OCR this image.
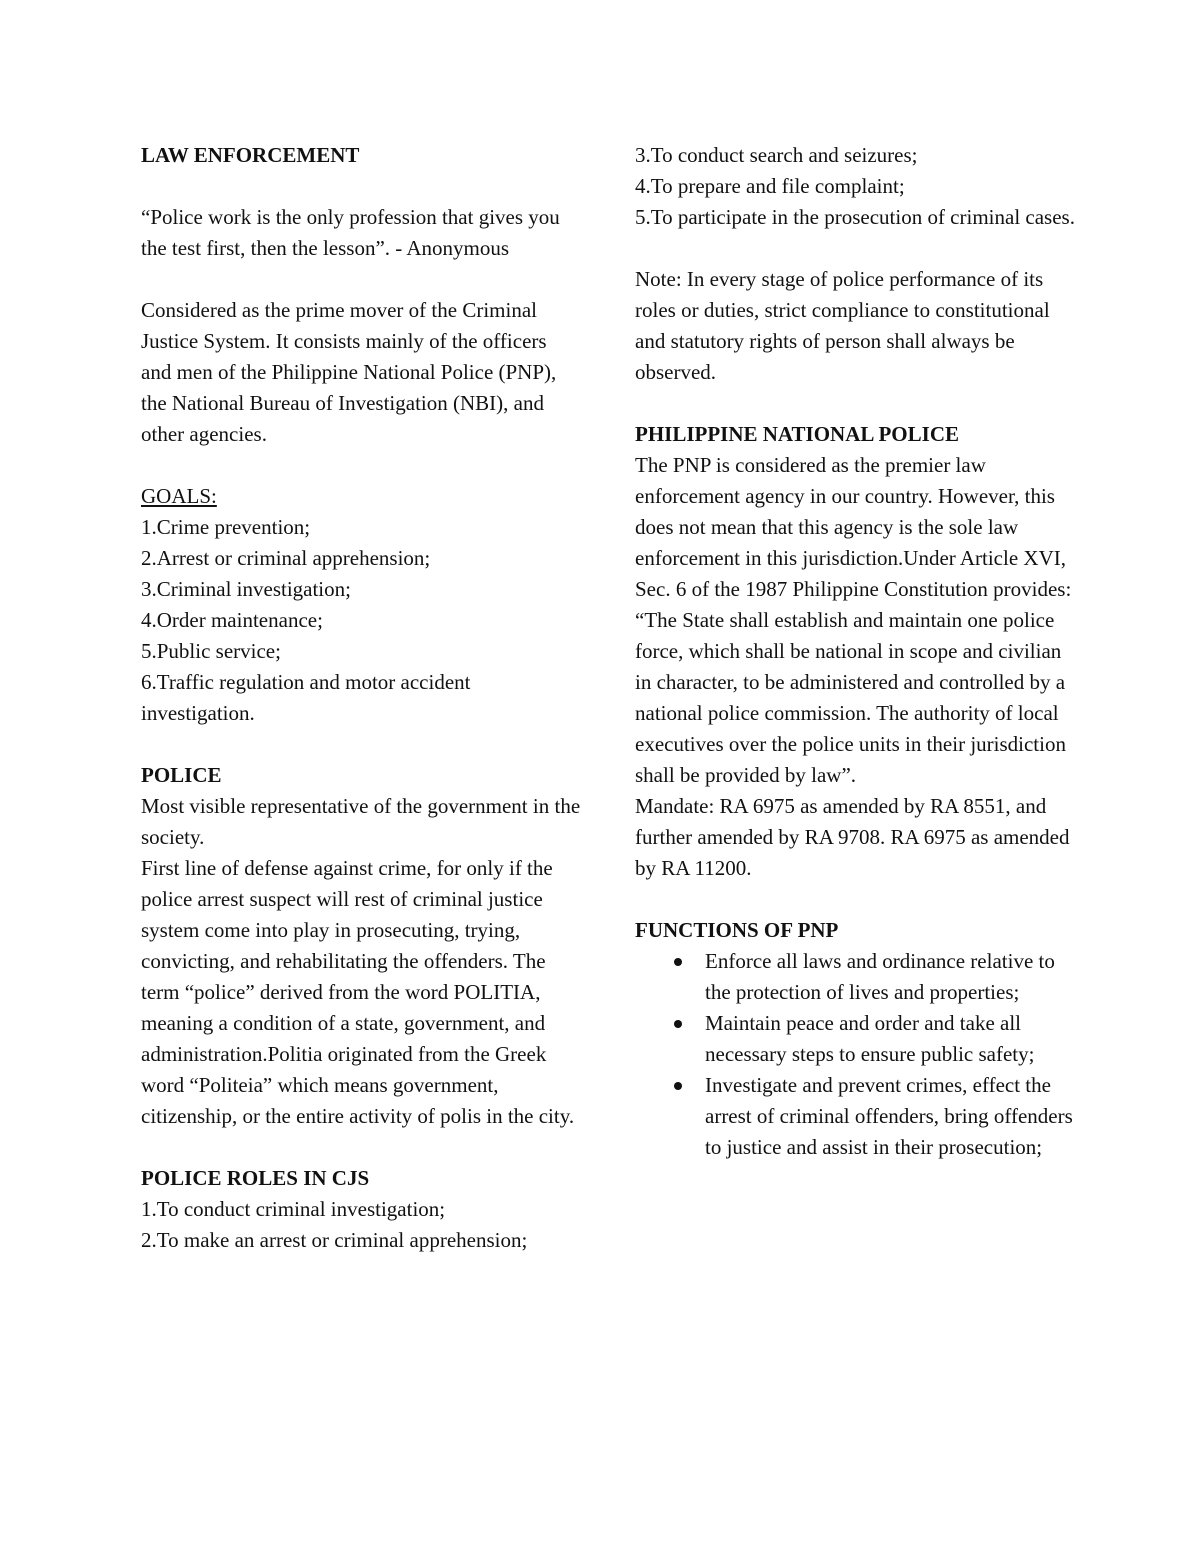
LAW ENFORCEMENT

“Police work is the only profession that gives you the test first, then the lesson”. - Anonymous

Considered as the prime mover of the Criminal Justice System. It consists mainly of the officers and men of the Philippine National Police (PNP), the National Bureau of Investigation (NBI), and other agencies.

GOALS:

1.Crime prevention;

2.Arrest or criminal apprehension;

3.Criminal investigation;

4.Order maintenance;

5.Public service;

6.Traffic regulation and motor accident investigation.

POLICE

Most visible representative of the government in the society.

First line of defense against crime, for only if the police arrest suspect will rest of criminal justice system come into play in prosecuting, trying, convicting, and rehabilitating the offenders. The term “police” derived from the word POLITIA, meaning a condition of a state, government, and administration.Politia originated from the Greek word “Politeia” which means government, citizenship, or the entire activity of polis in the city.

POLICE ROLES IN CJS

1.To conduct criminal investigation;

2.To make an arrest or criminal apprehension;

3.To conduct search and seizures;

4.To prepare and file complaint;

5.To participate in the prosecution of criminal cases.

Note: In every stage of police performance of its roles or duties, strict compliance to constitutional and statutory rights of person shall always be observed.

PHILIPPINE NATIONAL POLICE

The PNP is considered as the premier law enforcement agency in our country. However, this does not mean that this agency is the sole law enforcement in this jurisdiction.Under Article XVI, Sec. 6 of the 1987 Philippine Constitution provides: “The State shall establish and maintain one police force, which shall be national in scope and civilian in character, to be administered and controlled by a national police commission. The authority of local executives over the police units in their jurisdiction shall be provided by law”.

Mandate: RA 6975 as amended by RA 8551, and further amended by RA 9708. RA 6975 as amended by RA 11200.

FUNCTIONS OF PNP

Enforce all laws and ordinance relative to the protection of lives and properties;
Maintain peace and order and take all necessary steps to ensure public safety;
Investigate and prevent crimes, effect the arrest of criminal offenders, bring offenders to justice and assist in their prosecution;
